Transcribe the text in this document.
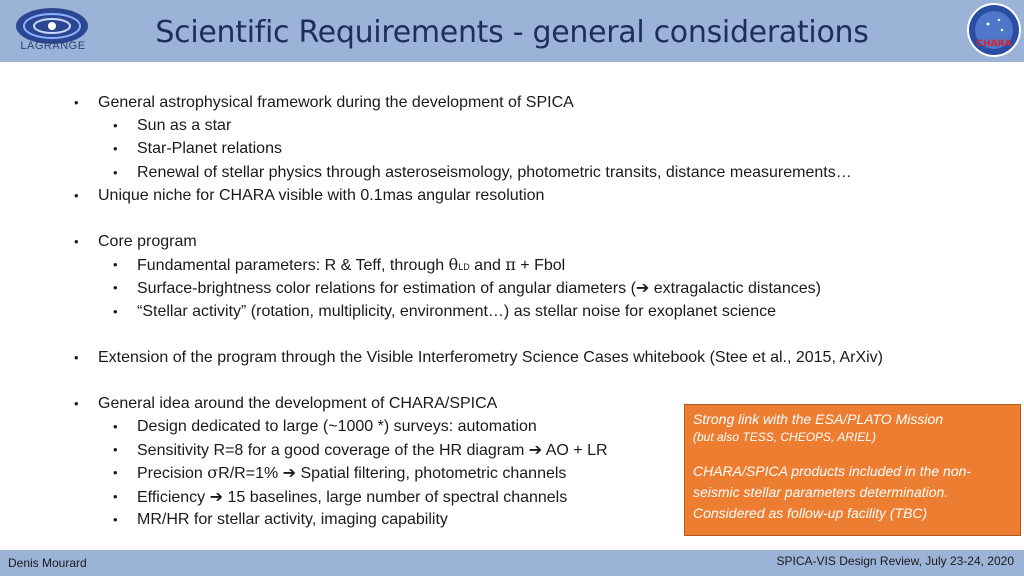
LAGRANGE	Scientific Requirements - general considerations	CHARA
• General astrophysical framework during the development of SPICA
• Sun as a star
• Star-Planet relations
• Renewal of stellar physics through asteroseismology, photometric transits, distance measurements…
• Unique niche for CHARA visible with 0.1mas angular resolution
• Core program
• Fundamental parameters: R & Teff, through θLD and π + Fbol
• Surface-brightness color relations for estimation of angular diameters (➔ extragalactic distances)
• “Stellar activity” (rotation, multiplicity, environment…) as stellar noise for exoplanet science
• Extension of the program through the Visible Interferometry Science Cases whitebook (Stee et al., 2015, ArXiv)
• General idea around the development of CHARA/SPICA
• Design dedicated to large (~1000 *) surveys: automation
• Sensitivity R=8 for a good coverage of the HR diagram ➔ AO + LR
• Precision σR/R=1% ➔ Spatial filtering, photometric channels
• Efficiency ➔ 15 baselines, large number of spectral channels
• MR/HR for stellar activity, imaging capability
Strong link with the ESA/PLATO Mission
(but also TESS, CHEOPS, ARIEL)
CHARA/SPICA products included in the non-
seismic stellar parameters determination.
Considered as follow-up facility (TBC)
Denis Mourard	SPICA-VIS Design Review, July 23-24, 2020
